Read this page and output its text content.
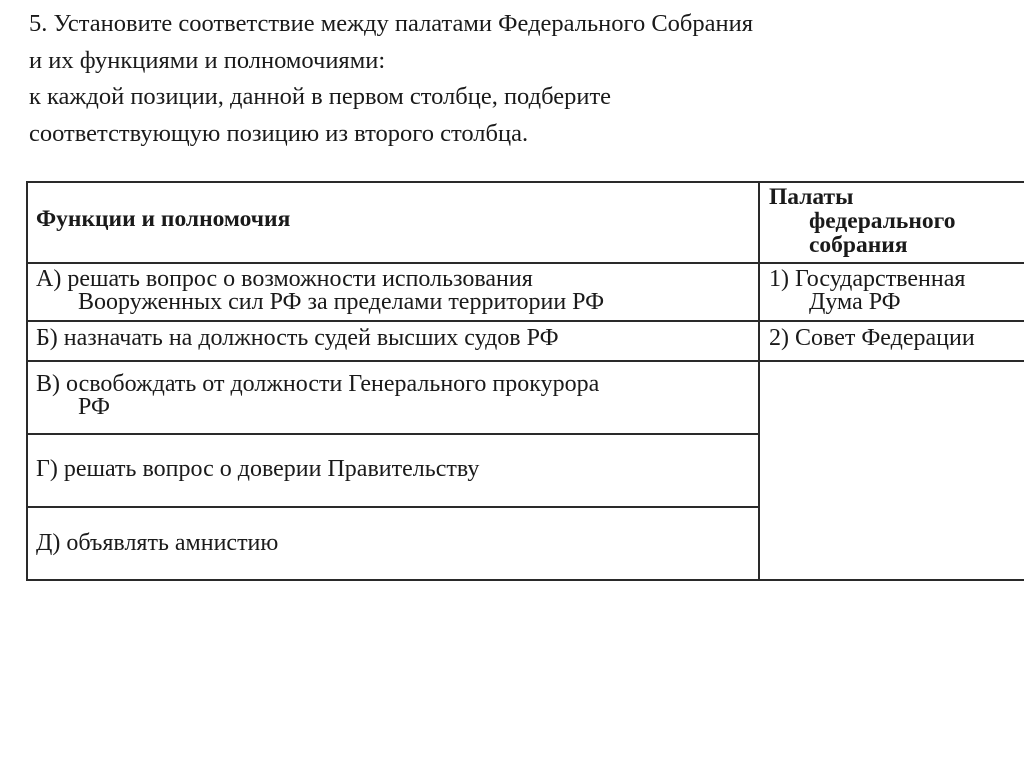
5. Установите соответствие между палатами Федерального Собрания

и их функциями и полномочиями:

к каждой позиции, данной в первом столбце, подберите

соответствующую позицию из второго столбца.

Функции и полномочия
Палаты
федерального
собрания
А) решать вопрос о возможности использования
Вооруженных сил РФ за пределами территории РФ
Б) назначать на должность судей высших судов РФ
В) освобождать от должности Генерального прокурора
РФ
Г) решать вопрос о доверии Правительству
Д) объявлять амнистию
1) Государственная
Дума РФ
2) Совет Федерации
